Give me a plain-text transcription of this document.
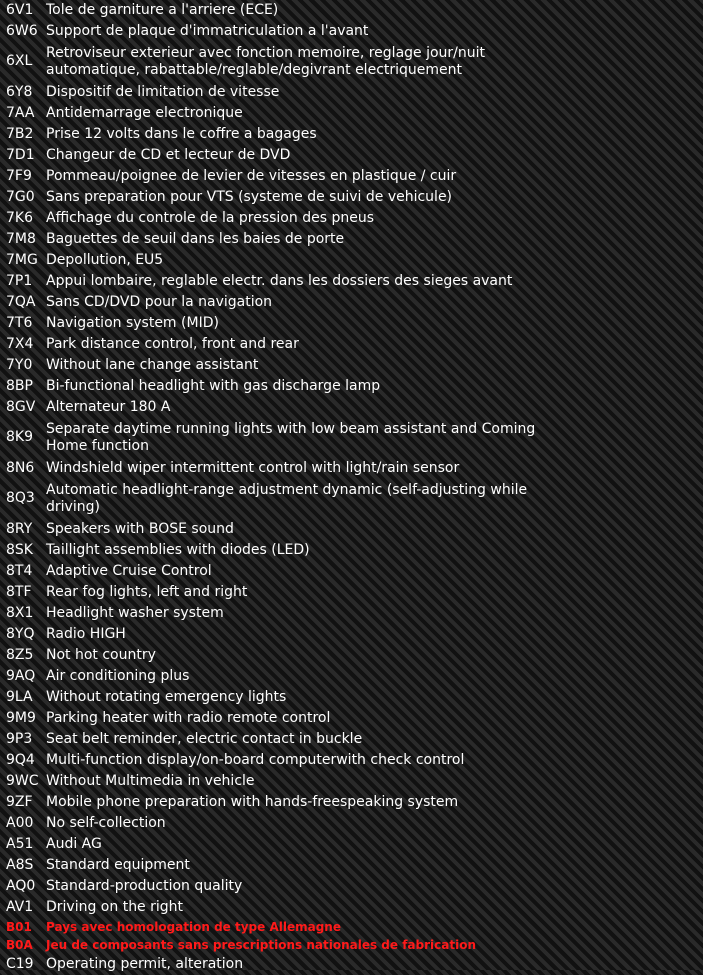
6V1 Tole de garniture a l'arriere (ECE)
6W6 Support de plaque d'immatriculation a l'avant
6XL Retroviseur exterieur avec fonction memoire, reglage jour/nuit automatique, rabattable/reglable/degivrant electriquement
6Y8 Dispositif de limitation de vitesse
7AA Antidemarrage electronique
7B2 Prise 12 volts dans le coffre a bagages
7D1 Changeur de CD et lecteur de DVD
7F9	Pommeau/poignee de levier de vitesses en plastique / cuir
7G0 Sans preparation pour VTS (systeme de suivi de vehicule)
7K6 Affichage du controle de la pression des pneus
7M8 Baguettes de seuil dans les baies de porte
7MG Depollution, EU5
7P1 Appui lombaire, reglable electr. dans les dossiers des sieges avant
7QA Sans CD/DVD pour la navigation
7T6 Navigation system (MID)
7X4 Park distance control, front and rear
7Y0 Without lane change assistant
8BP Bi-functional headlight with gas discharge lamp
8GV Alternateur 180 A
8K9 Separate daytime running lights with low beam assistant and Coming Home function
8N6 Windshield wiper intermittent control with light/rain sensor
8Q3 Automatic headlight-range adjustment dynamic (self-adjusting while driving)
8RY Speakers with BOSE sound
8SK Taillight assemblies with diodes (LED)
8T4 Adaptive Cruise Control
8TF	Rear fog lights, left and right
8X1 Headlight washer system
8YQ Radio HIGH
8Z5 Not hot country
9AQ Air conditioning plus
9LA Without rotating emergency lights
9M9 Parking heater with radio remote control
9P3 Seat belt reminder, electric contact in buckle
9Q4 Multi-function display/on-board computerwith check control
9WC Without Multimedia in vehicle
9ZF Mobile phone preparation with hands-freespeaking system
A00 No self-collection
A51 Audi AG
A8S Standard equipment
AQ0 Standard-production quality
AV1 Driving on the right
B01	Pays avec homologation de type Allemagne
B0A	Jeu de composants sans prescriptions nationales de fabrication
C19 Operating permit, alteration
